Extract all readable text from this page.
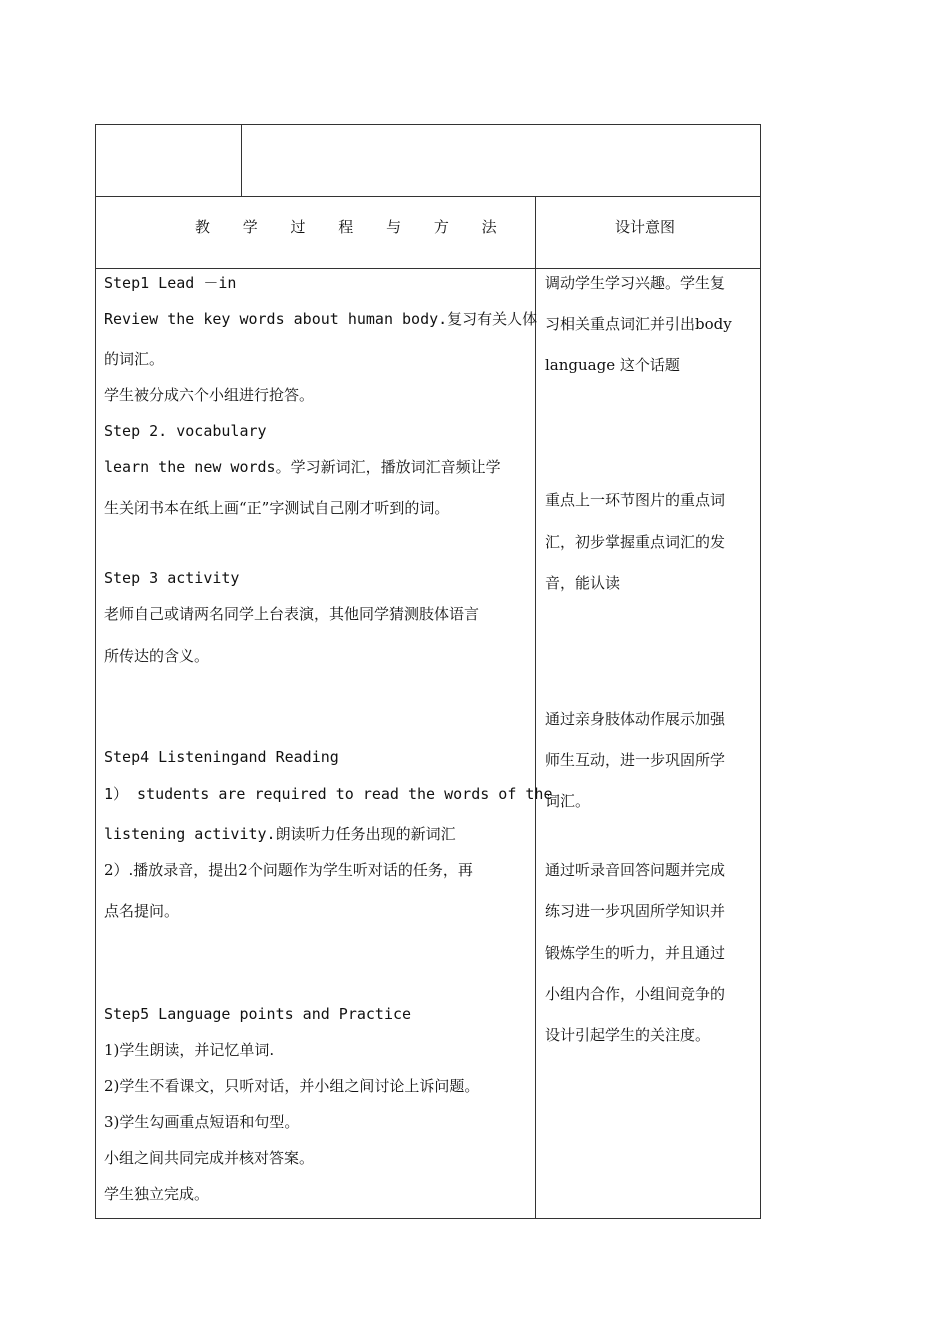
教 学 过 程 与 方 法	设计意图
Step1 Lead －in
Review the key words about human body.复习有关人体
的词汇。
学生被分成六个小组进行抢答。
Step 2. vocabulary
learn the new words。学习新词汇，播放词汇音频让学
生关闭书本在纸上画“正”字测试自己刚才听到的词。
Step 3 activity
老师自己或请两名同学上台表演，其他同学猜测肢体语言
所传达的含义。
Step4 Listeningand Reading
1） students are required to read the words of the
listening activity.朗读听力任务出现的新词汇
2）.播放录音，提出2个问题作为学生听对话的任务，再
点名提问。
Step5 Language points and Practice
1)学生朗读，并记忆单词.
2)学生不看课文，只听对话，并小组之间讨论上诉问题。
3)学生勾画重点短语和句型。
小组之间共同完成并核对答案。
学生独立完成。
调动学生学习兴趣。学生复
习相关重点词汇并引出body
language 这个话题
重点上一环节图片的重点词
汇，初步掌握重点词汇的发
音，能认读
通过亲身肢体动作展示加强
师生互动，进一步巩固所学
词汇。
通过听录音回答问题并完成
练习进一步巩固所学知识并
锻炼学生的听力，并且通过
小组内合作，小组间竞争的
设计引起学生的关注度。
